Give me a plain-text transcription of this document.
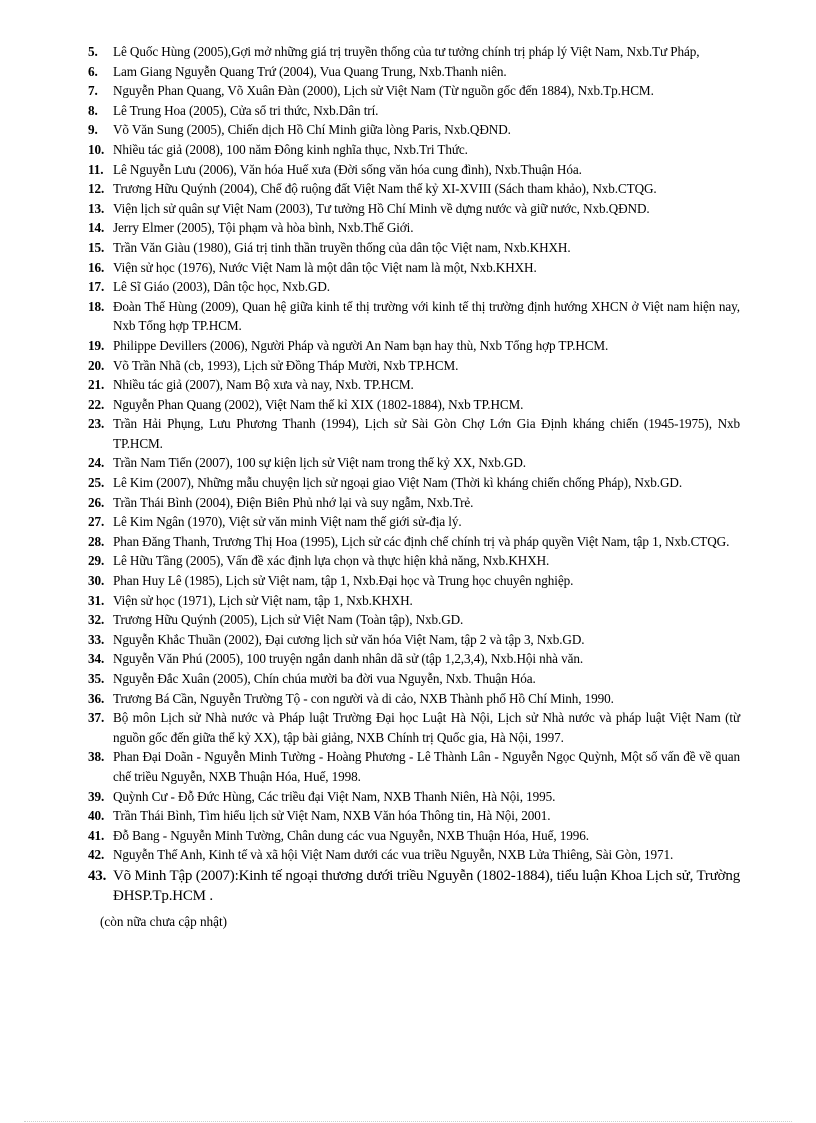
5. Lê Quốc Hùng (2005),Gợi mở những giá trị truyền thống của tư tưởng chính trị pháp lý Việt Nam, Nxb.Tư Pháp,
6. Lam Giang Nguyễn Quang Trứ (2004), Vua Quang Trung, Nxb.Thanh niên.
7. Nguyễn Phan Quang, Võ Xuân Đàn (2000), Lịch sử Việt Nam (Từ nguồn gốc đến 1884), Nxb.Tp.HCM.
8. Lê Trung Hoa (2005), Cửa sổ tri thức, Nxb.Dân trí.
9. Võ Văn Sung (2005), Chiến dịch Hồ Chí Minh giữa lòng Paris, Nxb.QĐND.
10. Nhiều tác giả (2008), 100 năm Đông kinh nghĩa thục, Nxb.Tri Thức.
11. Lê Nguyễn Lưu (2006), Văn hóa Huế xưa (Đời sống văn hóa cung đình), Nxb.Thuận Hóa.
12. Trương Hữu Quýnh (2004), Chế độ ruộng đất Việt Nam thế kỷ XI-XVIII (Sách tham khảo), Nxb.CTQG.
13. Viện lịch sử quân sự Việt Nam (2003), Tư tưởng Hồ Chí Minh về dựng nước và giữ nước, Nxb.QĐND.
14. Jerry Elmer (2005), Tội phạm và hòa bình, Nxb.Thế Giới.
15. Trần Văn Giàu (1980), Giá trị tinh thần truyền thống của dân tộc Việt nam, Nxb.KHXH.
16. Viện sử học (1976), Nước Việt Nam là một dân tộc Việt nam là một, Nxb.KHXH.
17. Lê Sĩ Giáo (2003), Dân tộc học, Nxb.GD.
18. Đoàn Thế Hùng (2009), Quan hệ giữa kinh tế thị trường với kinh tế thị trường định hướng XHCN ở Việt nam hiện nay, Nxb Tổng hợp TP.HCM.
19. Philippe Devillers (2006), Người Pháp và người An Nam bạn hay thù, Nxb Tổng hợp TP.HCM.
20. Võ Trần Nhã (cb, 1993), Lịch sử Đồng Tháp Mười, Nxb TP.HCM.
21. Nhiều tác giả (2007), Nam Bộ xưa và nay, Nxb. TP.HCM.
22. Nguyễn Phan Quang (2002), Việt Nam thế kỉ XIX (1802-1884), Nxb TP.HCM.
23. Trần Hải Phụng, Lưu Phương Thanh (1994), Lịch sử Sài Gòn Chợ Lớn Gia Định kháng chiến (1945-1975), Nxb TP.HCM.
24. Trần Nam Tiến (2007), 100 sự kiện lịch sử Việt nam trong thế kỷ XX, Nxb.GD.
25. Lê Kim (2007), Những mẫu chuyện lịch sử ngoại giao Việt Nam (Thời kì kháng chiến chống Pháp), Nxb.GD.
26. Trần Thái Bình (2004), Điện Biên Phủ nhớ lại và suy ngẫm, Nxb.Trẻ.
27. Lê Kim Ngân (1970), Việt sử văn minh Việt nam thế giới sử-địa lý.
28. Phan Đăng Thanh, Trương Thị Hoa (1995), Lịch sử các định chế chính trị và pháp quyền Việt Nam, tập 1, Nxb.CTQG.
29. Lê Hữu Tầng (2005), Vấn đề xác định lựa chọn và thực hiện khả năng, Nxb.KHXH.
30. Phan Huy Lê (1985), Lịch sử Việt nam, tập 1, Nxb.Đại học và Trung học chuyên nghiệp.
31. Viện sử học (1971), Lịch sử Việt nam, tập 1, Nxb.KHXH.
32. Trương Hữu Quýnh (2005), Lịch sử Việt Nam (Toàn tập), Nxb.GD.
33. Nguyễn Khắc Thuần (2002), Đại cương lịch sử văn hóa Việt Nam, tập 2 và tập 3, Nxb.GD.
34. Nguyễn Văn Phú (2005), 100 truyện ngắn danh nhân dã sử (tập 1,2,3,4), Nxb.Hội nhà văn.
35. Nguyễn Đắc Xuân (2005), Chín chúa mười ba đời vua Nguyễn, Nxb. Thuận Hóa.
36. Trương Bá Cần, Nguyễn Trường Tộ - con người và di cảo, NXB Thành phố Hồ Chí Minh, 1990.
37. Bộ môn Lịch sử Nhà nước và Pháp luật Trường Đại học Luật Hà Nội, Lịch sử Nhà nước và pháp luật Việt Nam (từ nguồn gốc đến giữa thế kỷ XX), tập bài giảng, NXB Chính trị Quốc gia, Hà Nội, 1997.
38. Phan Đại Doãn - Nguyễn Minh Tường - Hoàng Phương - Lê Thành Lân - Nguyễn Ngọc Quỳnh, Một số vấn đề về quan chế triều Nguyễn, NXB Thuận Hóa, Huế, 1998.
39. Quỳnh Cư - Đỗ Đức Hùng, Các triều đại Việt Nam, NXB Thanh Niên, Hà Nội, 1995.
40. Trần Thái Bình, Tìm hiểu lịch sử Việt Nam, NXB Văn hóa Thông tin, Hà Nội, 2001.
41. Đỗ Bang - Nguyễn Minh Tường, Chân dung các vua Nguyễn, NXB Thuận Hóa, Huế, 1996.
42. Nguyễn Thế Anh, Kinh tế và xã hội Việt Nam dưới các vua triều Nguyễn, NXB Lửa Thiêng, Sài Gòn, 1971.
43. Võ Minh Tập (2007):Kinh tế ngoại thương dưới triều Nguyễn (1802-1884), tiểu luận Khoa Lịch sử, Trường ĐHSP.Tp.HCM .
(còn nữa chưa cập nhật)
